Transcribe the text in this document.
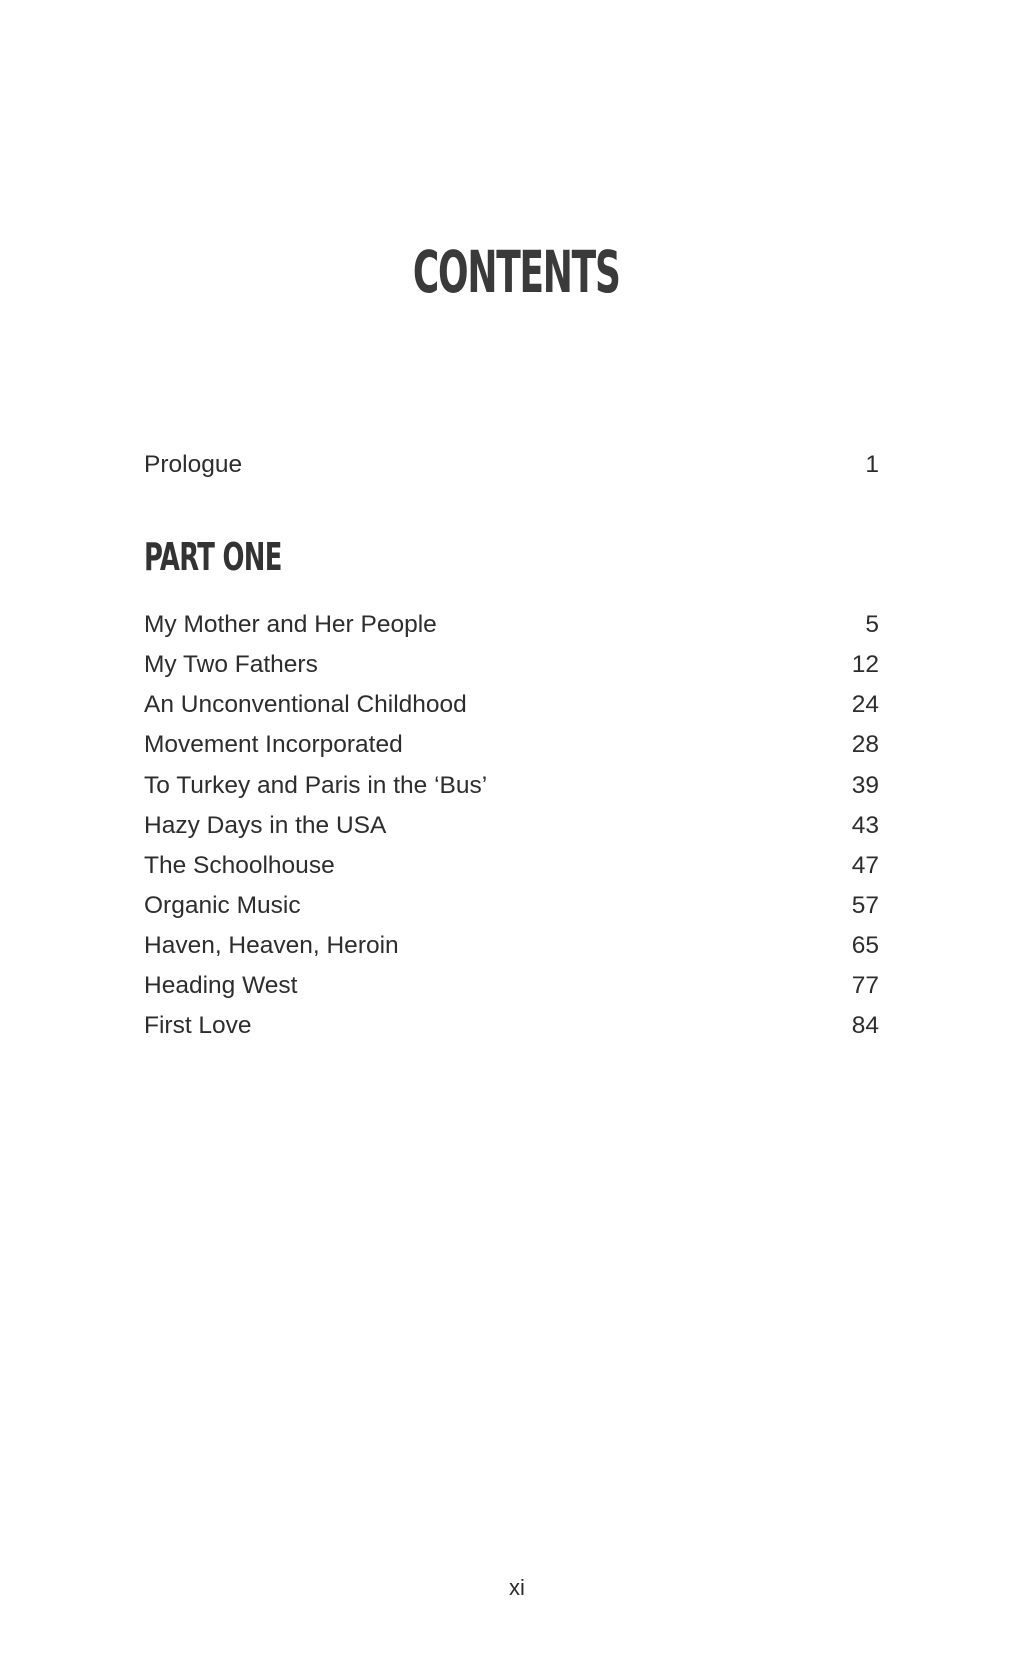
CONTENTS
Prologue	1
PART ONE
My Mother and Her People	5
My Two Fathers	12
An Unconventional Childhood	24
Movement Incorporated	28
To Turkey and Paris in the ‘Bus’	39
Hazy Days in the USA	43
The Schoolhouse	47
Organic Music	57
Haven, Heaven, Heroin	65
Heading West	77
First Love	84
xi
